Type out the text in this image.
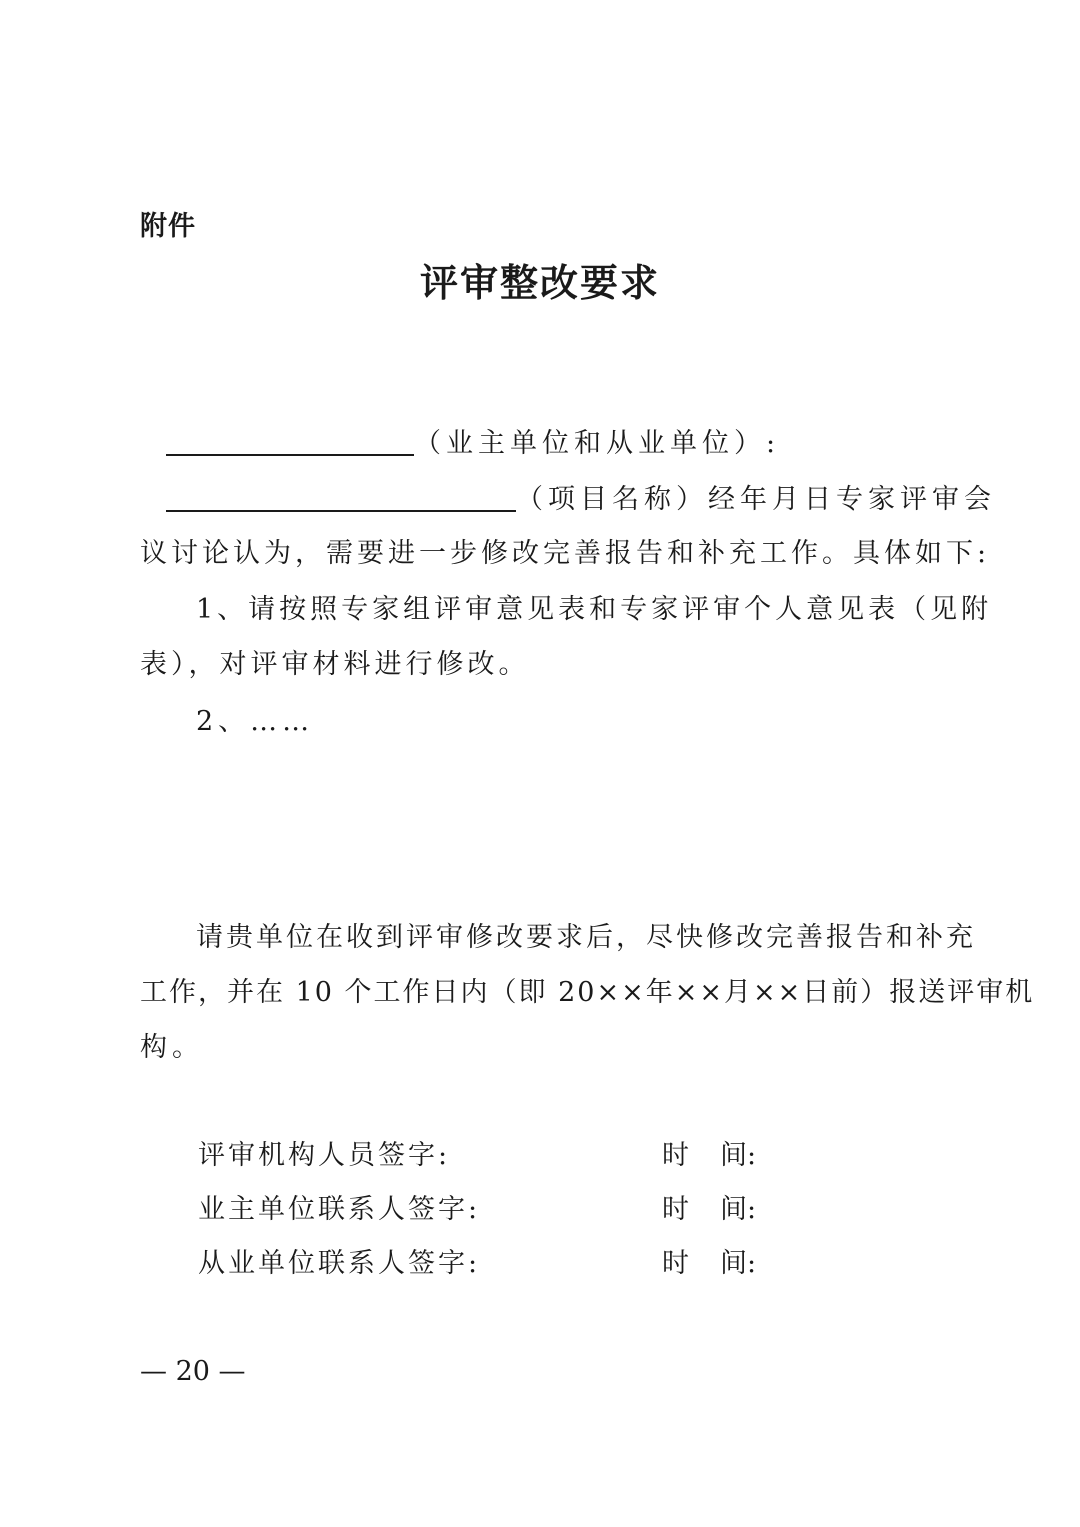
附件
评审整改要求
（业主单位和从业单位）:
（项目名称）经年月日专家评审会
议讨论认为，需要进一步修改完善报告和补充工作。具体如下:
1、请按照专家组评审意见表和专家评审个人意见表（见附
表），对评审材料进行修改。
2、……
请贵单位在收到评审修改要求后，尽快修改完善报告和补充
工作，并在 10 个工作日内（即 20××年××月××日前）报送评审机
构。
评审机构人员签字:	时 间:
业主单位联系人签字:	时 间:
从业单位联系人签字:	时 间:
— 20 —
